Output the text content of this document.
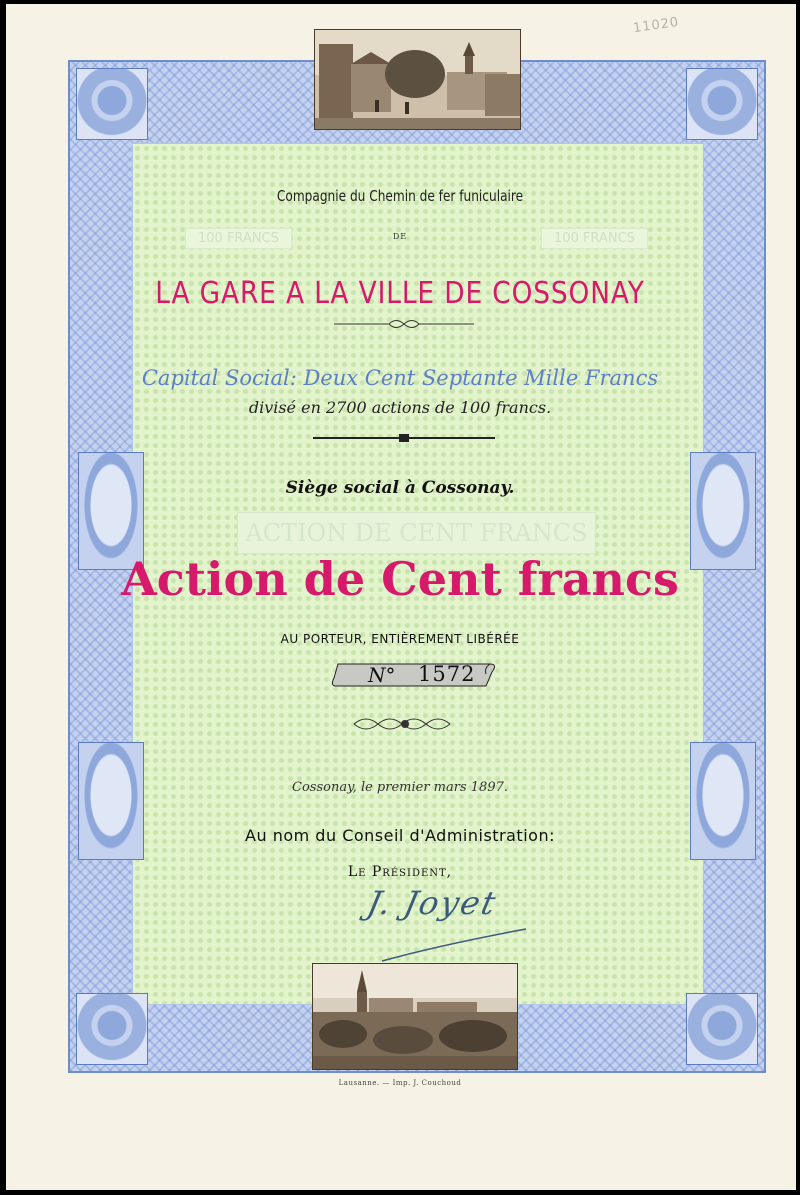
11020
Compagnie du Chemin de fer funiculaire
DE
100 FRANCS	100 FRANCS
LA GARE A LA VILLE DE COSSONAY
Capital Social: Deux Cent Septante Mille Francs
divisé en 2700 actions de 100 francs.
Siège social à Cossonay.
ACTION DE CENT FRANCS
Action de Cent francs
AU PORTEUR, ENTIÈREMENT LIBÉRÉE
N° 1572
Cossonay, le premier mars 1897.
Au nom du Conseil d'Administration:
Le Président,
J. Joyet
Lausanne. — Imp. J. Couchoud
